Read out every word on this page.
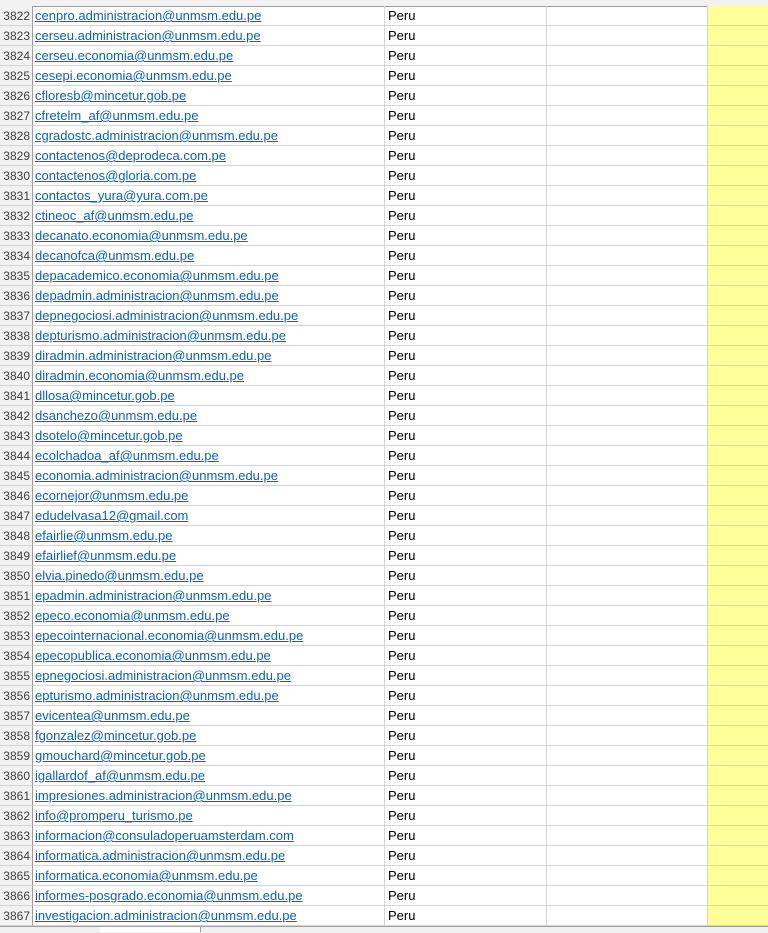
3822 cenpro.administracion@unmsm.edu.pe	Peru
3823 cerseu.administracion@unmsm.edu.pe	Peru
3824 cerseu.economia@unmsm.edu.pe	Peru
3825 cesepi.economia@unmsm.edu.pe	Peru
3826 cfloresb@mincetur.gob.pe	Peru
3827 cfretelm_af@unmsm.edu.pe	Peru
3828 cgradostc.administracion@unmsm.edu.pe	Peru
3829 contactenos@deprodeca.com.pe	Peru
3830 contactenos@gloria.com.pe	Peru
3831 contactos_yura@yura.com.pe	Peru
3832 ctineoc_af@unmsm.edu.pe	Peru
3833 decanato.economia@unmsm.edu.pe	Peru
3834 decanofca@unmsm.edu.pe	Peru
3835 depacademico.economia@unmsm.edu.pe	Peru
3836 depadmin.administracion@unmsm.edu.pe	Peru
3837 depnegociosi.administracion@unmsm.edu.pe	Peru
3838 depturismo.administracion@unmsm.edu.pe	Peru
3839 diradmin.administracion@unmsm.edu.pe	Peru
3840 diradmin.economia@unmsm.edu.pe	Peru
3841 dllosa@mincetur.gob.pe	Peru
3842 dsanchezo@unmsm.edu.pe	Peru
3843 dsotelo@mincetur.gob.pe	Peru
3844 ecolchadoa_af@unmsm.edu.pe	Peru
3845 economia.administracion@unmsm.edu.pe	Peru
3846 ecornejor@unmsm.edu.pe	Peru
3847 edudelvasa12@gmail.com	Peru
3848 efairlie@unmsm.edu.pe	Peru
3849 efairlief@unmsm.edu.pe	Peru
3850 elvia.pinedo@unmsm.edu.pe	Peru
3851 epadmin.administracion@unmsm.edu.pe	Peru
3852 epeco.economia@unmsm.edu.pe	Peru
3853 epecointernacional.economia@unmsm.edu.pe	Peru
3854 epecopublica.economia@unmsm.edu.pe	Peru
3855 epnegociosi.administracion@unmsm.edu.pe	Peru
3856 epturismo.administracion@unmsm.edu.pe	Peru
3857 evicentea@unmsm.edu.pe	Peru
3858 fgonzalez@mincetur.gob.pe	Peru
3859 gmouchard@mincetur.gob.pe	Peru
3860 igallardof_af@unmsm.edu.pe	Peru
3861 impresiones.administracion@unmsm.edu.pe	Peru
3862 info@promperu_turismo.pe	Peru
3863 informacion@consuladoperuamsterdam.com	Peru
3864 informatica.administracion@unmsm.edu.pe	Peru
3865 informatica.economia@unmsm.edu.pe	Peru
3866 informes-posgrado.economia@unmsm.edu.pe	Peru
3867 investigacion.administracion@unmsm.edu.pe	Peru
